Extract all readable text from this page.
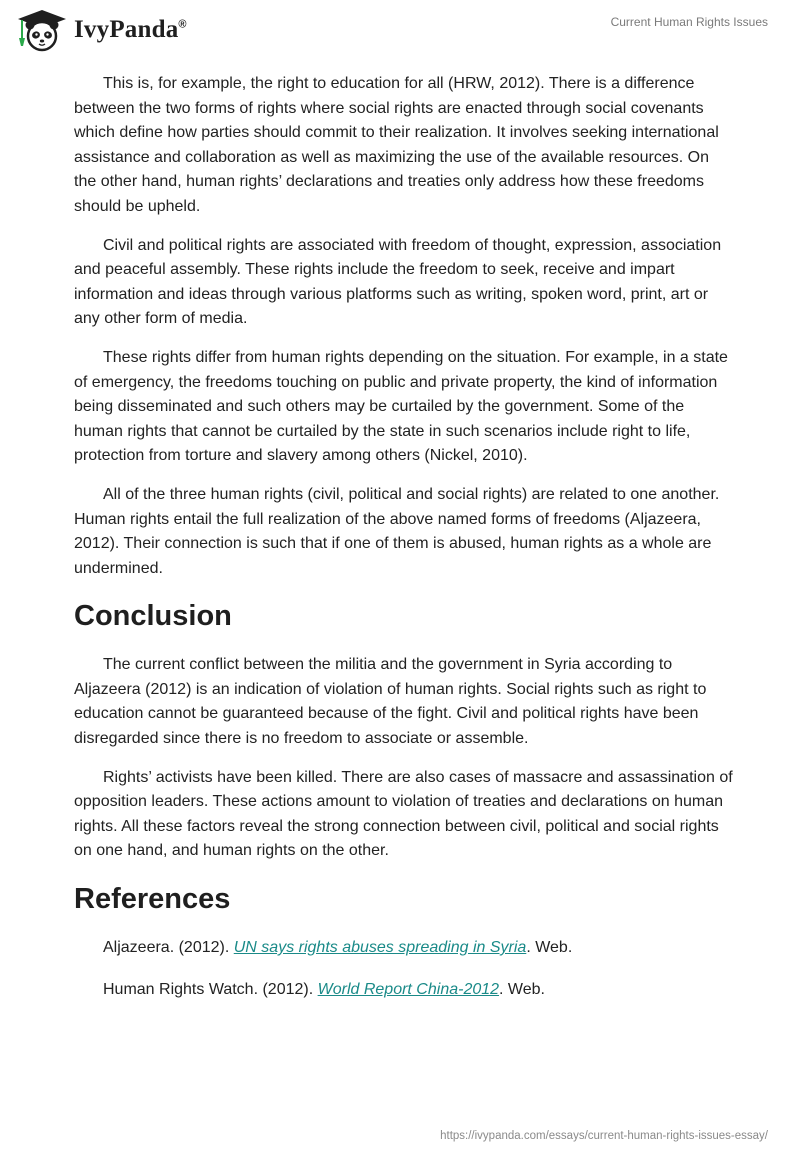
IvyPanda®	Current Human Rights Issues

This is, for example, the right to education for all (HRW, 2012). There is a difference between the two forms of rights where social rights are enacted through social covenants which define how parties should commit to their realization. It involves seeking international assistance and collaboration as well as maximizing the use of the available resources. On the other hand, human rights’ declarations and treaties only address how these freedoms should be upheld.

Civil and political rights are associated with freedom of thought, expression, association and peaceful assembly. These rights include the freedom to seek, receive and impart information and ideas through various platforms such as writing, spoken word, print, art or any other form of media.

These rights differ from human rights depending on the situation. For example, in a state of emergency, the freedoms touching on public and private property, the kind of information being disseminated and such others may be curtailed by the government. Some of the human rights that cannot be curtailed by the state in such scenarios include right to life, protection from torture and slavery among others (Nickel, 2010).

All of the three human rights (civil, political and social rights) are related to one another. Human rights entail the full realization of the above named forms of freedoms (Aljazeera, 2012). Their connection is such that if one of them is abused, human rights as a whole are undermined.

Conclusion

The current conflict between the militia and the government in Syria according to Aljazeera (2012) is an indication of violation of human rights. Social rights such as right to education cannot be guaranteed because of the fight. Civil and political rights have been disregarded since there is no freedom to associate or assemble.

Rights’ activists have been killed. There are also cases of massacre and assassination of opposition leaders. These actions amount to violation of treaties and declarations on human rights. All these factors reveal the strong connection between civil, political and social rights on one hand, and human rights on the other.

References
Aljazeera. (2012). UN says rights abuses spreading in Syria. Web.
Human Rights Watch. (2012). World Report China-2012. Web.
https://ivypanda.com/essays/current-human-rights-issues-essay/
